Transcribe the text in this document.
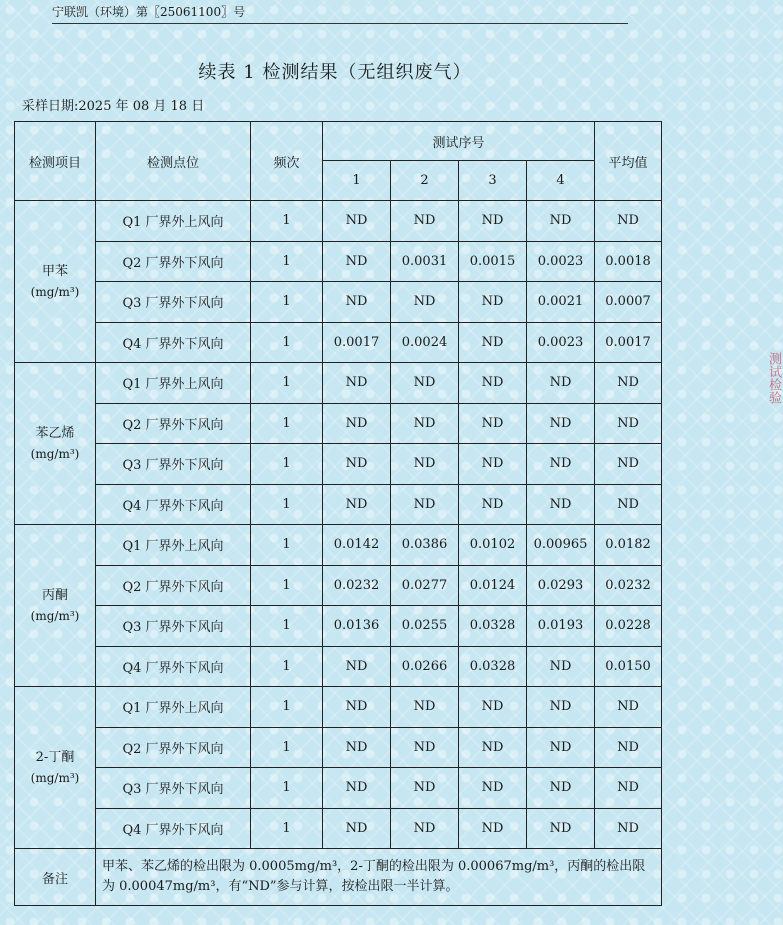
宁联凯（环境）第〖25061100〗号
续表 1 检测结果（无组织废气）
采样日期:2025 年 08 月 18 日
检测项目	检测点位	频次	测试序号				平均值
			1	2	3	4	

甲苯
(mg/m³)	Q1 厂界外上风向	1	ND	ND	ND	ND	ND
	Q2 厂界外下风向	1	ND	0.0031	0.0015	0.0023	0.0018
	Q3 厂界外下风向	1	ND	ND	ND	0.0021	0.0007
	Q4 厂界外下风向	1	0.0017	0.0024	ND	0.0023	0.0017

苯乙烯
(mg/m³)	Q1 厂界外上风向	1	ND	ND	ND	ND	ND
	Q2 厂界外下风向	1	ND	ND	ND	ND	ND
	Q3 厂界外下风向	1	ND	ND	ND	ND	ND
	Q4 厂界外下风向	1	ND	ND	ND	ND	ND

丙酮
(mg/m³)	Q1 厂界外上风向	1	0.0142	0.0386	0.0102	0.00965	0.0182
	Q2 厂界外下风向	1	0.0232	0.0277	0.0124	0.0293	0.0232
	Q3 厂界外下风向	1	0.0136	0.0255	0.0328	0.0193	0.0228
	Q4 厂界外下风向	1	ND	0.0266	0.0328	ND	0.0150

2-丁酮
(mg/m³)	Q1 厂界外上风向	1	ND	ND	ND	ND	ND
	Q2 厂界外下风向	1	ND	ND	ND	ND	ND
	Q3 厂界外下风向	1	ND	ND	ND	ND	ND
	Q4 厂界外下风向	1	ND	ND	ND	ND	ND
备注	甲苯、苯乙烯的检出限为 0.0005mg/m³，2-丁酮的检出限为 0.00067mg/m³，丙酮的检出限为 0.00047mg/m³，有“ND”参与计算，按检出限一半计算。						
测试检验
